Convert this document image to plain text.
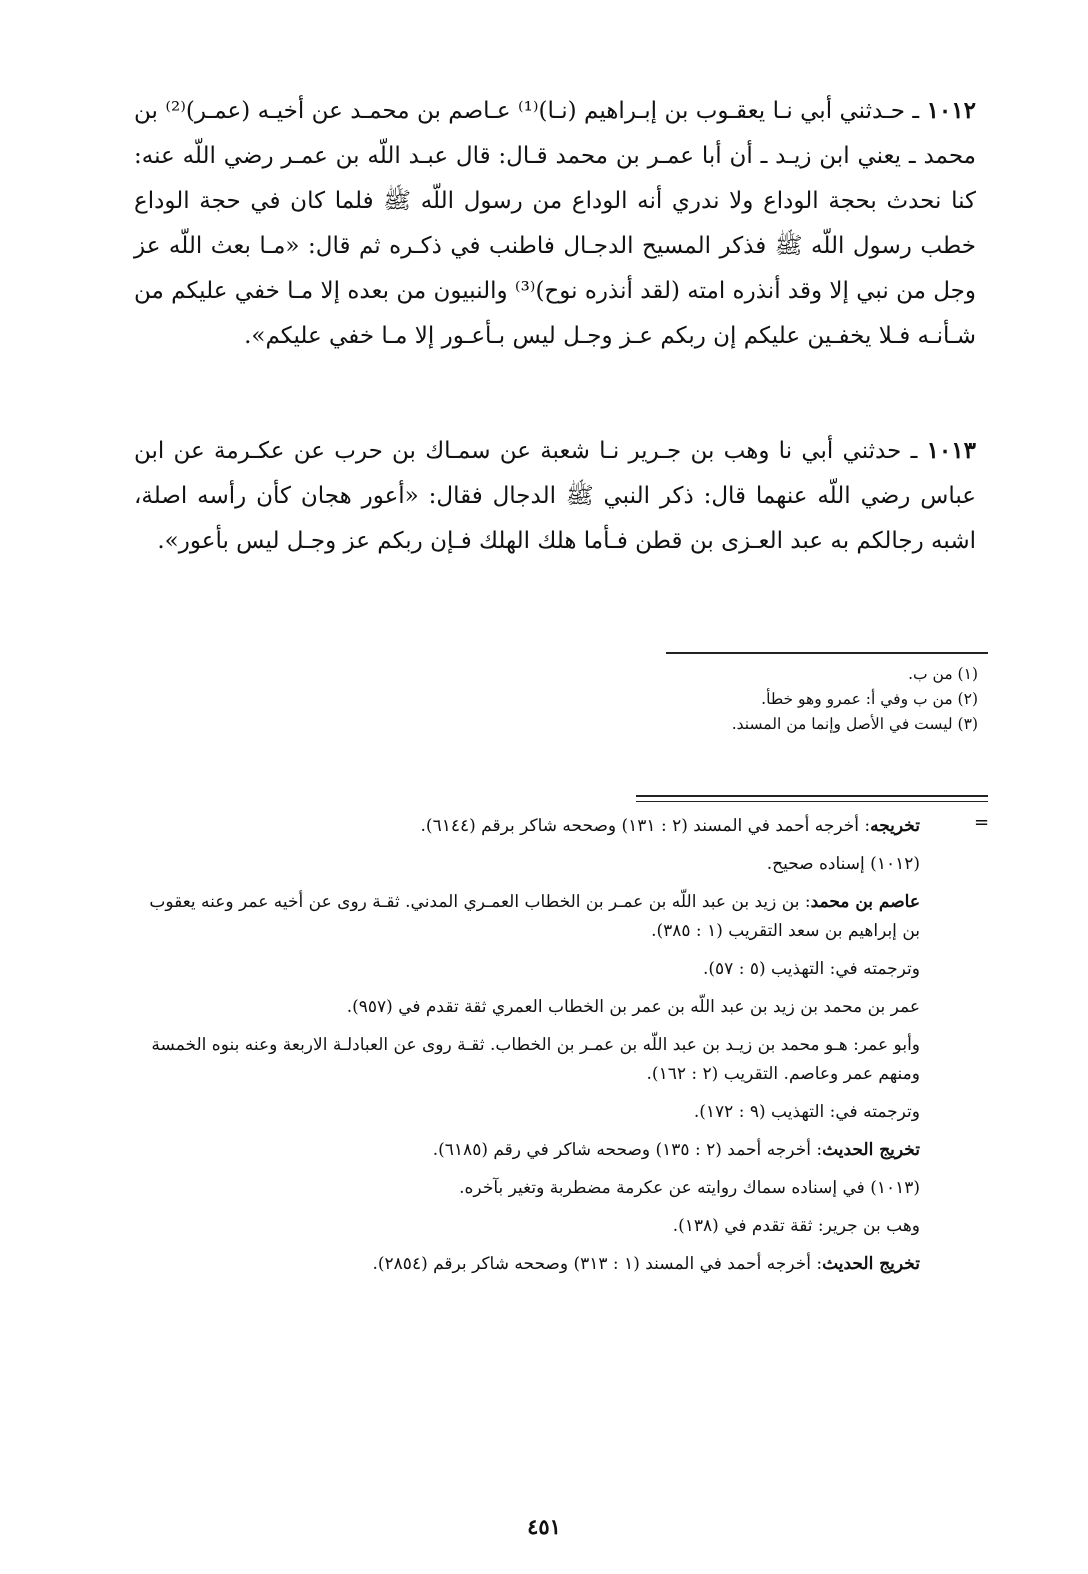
١٠١٢ ـ حـدثني أبي نـا يعقـوب بن إبـراهيم (نـا)⁽¹⁾ عـاصم بن محمـد عن أخيـه (عمـر)⁽²⁾ بن محمد ـ يعني ابن زيـد ـ أن أبا عمـر بن محمد قـال: قال عبـد اللّه بن عمـر رضي اللّه عنه: كنا نحدث بحجة الوداع ولا ندري أنه الوداع من رسول اللّه ﷺ فلما كان في حجة الوداع خطب رسول اللّه ﷺ فذكر المسيح الدجـال فاطنب في ذكـره ثم قال: «مـا بعث اللّه عز وجل من نبي إلا وقد أنذره امته (لقد أنذره نوح)⁽³⁾ والنبيون من بعده إلا مـا خفي عليكم من شـأنـه فـلا يخفـين عليكم إن ربكم عـز وجـل ليس بـأعـور إلا مـا خفي عليكم».

١٠١٣ ـ حدثني أبي نا وهب بن جـرير نـا شعبة عن سمـاك بن حرب عن عكـرمة عن ابن عباس رضي اللّه عنهما قال: ذكر النبي ﷺ الدجال فقال: «أعور هجان كأن رأسه اصلة، اشبه رجالكم به عبد العـزى بن قطن فـأما هلك الهلك فـإن ربكم عز وجـل ليس بأعور».

(١) من ب.
(٢) من ب وفي أ: عمرو وهو خطأ.
(٣) ليست في الأصل وإنما من المسند.
=
تخريجه: أخرجه أحمد في المسند (٢ : ١٣١) وصححه شاكر برقم (٦١٤٤).
(١٠١٢) إسناده صحيح.
عاصم بن محمد: بن زيد بن عبد اللّه بن عمـر بن الخطاب العمـري المدني. ثقـة روى عن أخيه عمر وعنه يعقوب بن إبراهيم بن سعد التقريب (١ : ٣٨٥).
وترجمته في: التهذيب (٥ : ٥٧).
عمر بن محمد بن زيد بن عبد اللّه بن عمر بن الخطاب العمري ثقة تقدم في (٩٥٧).
وأبو عمر: هـو محمد بن زيـد بن عبد اللّه بن عمـر بن الخطاب. ثقـة روى عن العبادلـة الاربعة وعنه بنوه الخمسة ومنهم عمر وعاصم. التقريب (٢ : ١٦٢).
وترجمته في: التهذيب (٩ : ١٧٢).
تخريج الحديث: أخرجه أحمد (٢ : ١٣٥) وصححه شاكر في رقم (٦١٨٥).
(١٠١٣) في إسناده سماك روايته عن عكرمة مضطربة وتغير بآخره.
وهب بن جرير: ثقة تقدم في (١٣٨).
تخريج الحديث: أخرجه أحمد في المسند (١ : ٣١٣) وصححه شاكر برقم (٢٨٥٤).
٤٥١
